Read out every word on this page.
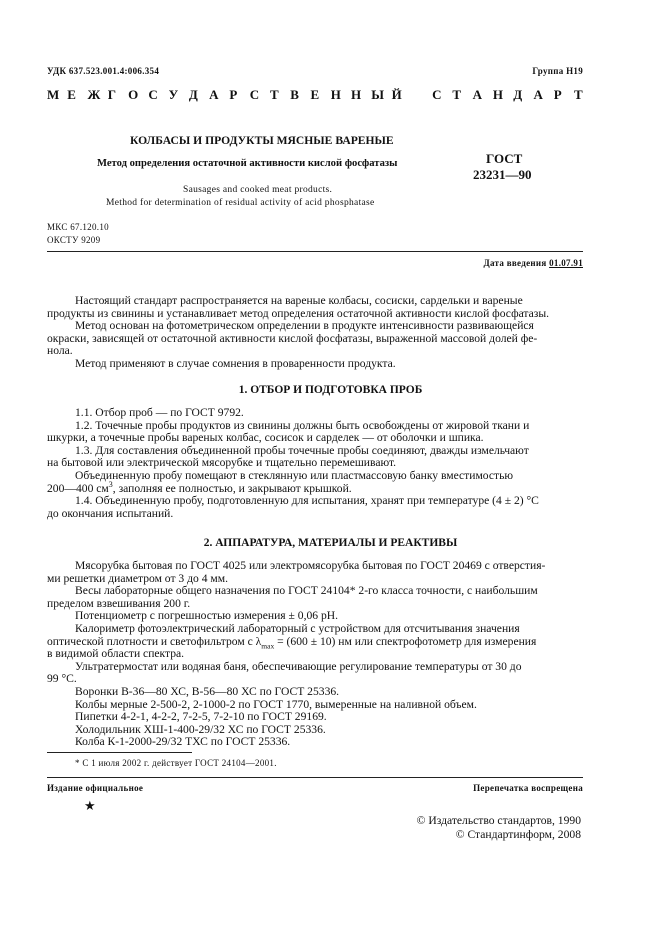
УДК 637.523.001.4:006.354	Группа Н19
М Е Ж Г О С У Д А Р С Т В Е Н Н Ы Й С Т А Н Д А Р Т
КОЛБАСЫ И ПРОДУКТЫ МЯСНЫЕ ВАРЕНЫЕ
Метод определения остаточной активности кислой фосфатазы	ГОСТ
23231—90
Sausages and cooked meat products.
Method for determination of residual activity of acid phosphatase
МКС 67.120.10
ОКСТУ 9209
Дата введения 01.07.91
Настоящий стандарт распространяется на вареные колбасы, сосиски, сардельки и вареные
продукты из свинины и устанавливает метод определения остаточной активности кислой фосфатазы.
Метод основан на фотометрическом определении в продукте интенсивности развивающейся
окраски, зависящей от остаточной активности кислой фосфатазы, выраженной массовой долей фе-
нола.
Метод применяют в случае сомнения в проваренности продукта.
1. ОТБОР И ПОДГОТОВКА ПРОБ
1.1. Отбор проб — по ГОСТ 9792.
1.2. Точечные пробы продуктов из свинины должны быть освобождены от жировой ткани и
шкурки, а точечные пробы вареных колбас, сосисок и сарделек — от оболочки и шпика.
1.3. Для составления объединенной пробы точечные пробы соединяют, дважды измельчают
на бытовой или электрической мясорубке и тщательно перемешивают.
Объединенную пробу помещают в стеклянную или пластмассовую банку вместимостью
200—400 $см^3$, заполняя ее полностью, и закрывают крышкой.
1.4. Объединенную пробу, подготовленную для испытания, хранят при температуре (4 ± 2) °С
до окончания испытаний.
2. АППАРАТУРА, МАТЕРИАЛЫ И РЕАКТИВЫ
Мясорубка бытовая по ГОСТ 4025 или электромясорубка бытовая по ГОСТ 20469 с отверстия-
ми решетки диаметром от 3 до 4 мм.
Весы лабораторные общего назначения по ГОСТ 24104* 2-го класса точности, с наибольшим
пределом взвешивания 200 г.
Потенциометр с погрешностью измерения ± 0,06 рН.
Калориметр фотоэлектрический лабораторный с устройством для отсчитывания значения
оптической плотности и светофильтром с $\lambda_{max} = (600 \pm 10)$ нм или спектрофотометр для измерения
в видимой области спектра.
Ультратермостат или водяная баня, обеспечивающие регулирование температуры от 30 до
99 °С.
Воронки В-36—80 ХС, В-56—80 ХС по ГОСТ 25336.
Колбы мерные 2-500-2, 2-1000-2 по ГОСТ 1770, вымеренные на наливной объем.
Пипетки 4-2-1, 4-2-2, 7-2-5, 7-2-10 по ГОСТ 29169.
Холодильник ХШ-1-400-29/32 ХС по ГОСТ 25336.
Колба К-1-2000-29/32 ТХС по ГОСТ 25336.
* С 1 июля 2002 г. действует ГОСТ 24104—2001.
Издание официальное	Перепечатка воспрещена
★
© Издательство стандартов, 1990
© Стандартинформ, 2008
